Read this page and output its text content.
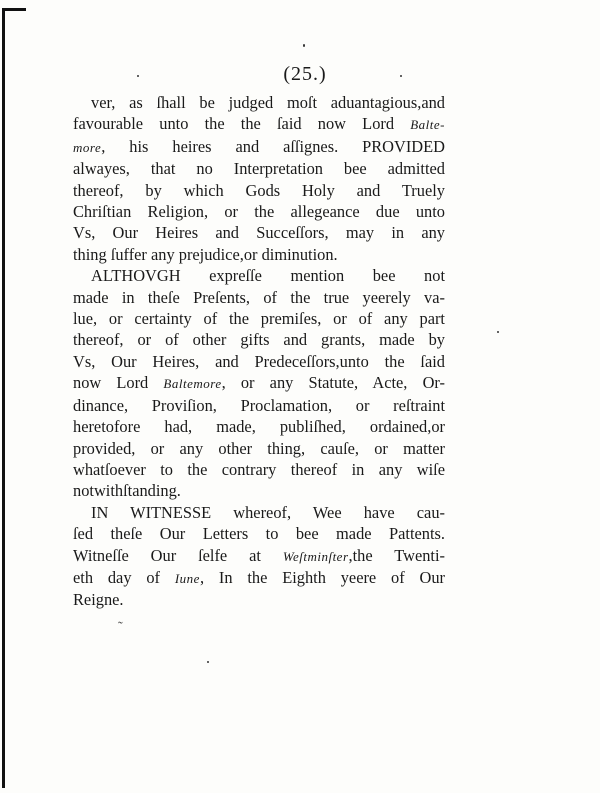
˜
(25.)
ver, as ſhall be judged moſt aduantagious,and
favourable unto the the ſaid now Lord Balte-
more, his heires and aſſignes. PROVIDED
alwayes, that no Interpretation bee admitted
thereof, by which Gods Holy and Truely
Chriſtian Religion, or the allegeance due unto
Vs, Our Heires and Succeſſors, may in any
thing ſuffer any prejudice,or diminution.
ALTHOVGH expreſſe mention bee not
made in theſe Preſents, of the true yeerely va-
lue, or certainty of the premiſes, or of any part
thereof, or of other gifts and grants, made by
Vs, Our Heires, and Predeceſſors,unto the ſaid
now Lord Baltemore, or any Statute, Acte, Or-
dinance, Proviſion, Proclamation, or reſtraint
heretofore had, made, publiſhed, ordained,or
provided, or any other thing, cauſe, or matter
whatſoever to the contrary thereof in any wiſe
notwithſtanding.
IN WITNESSE whereof, Wee have cau-
ſed theſe Our Letters to bee made Pattents.
Witneſſe Our ſelfe at Weſtminſter,the Twenti-
eth day of Iune, In the Eighth yeere of Our
Reigne.
